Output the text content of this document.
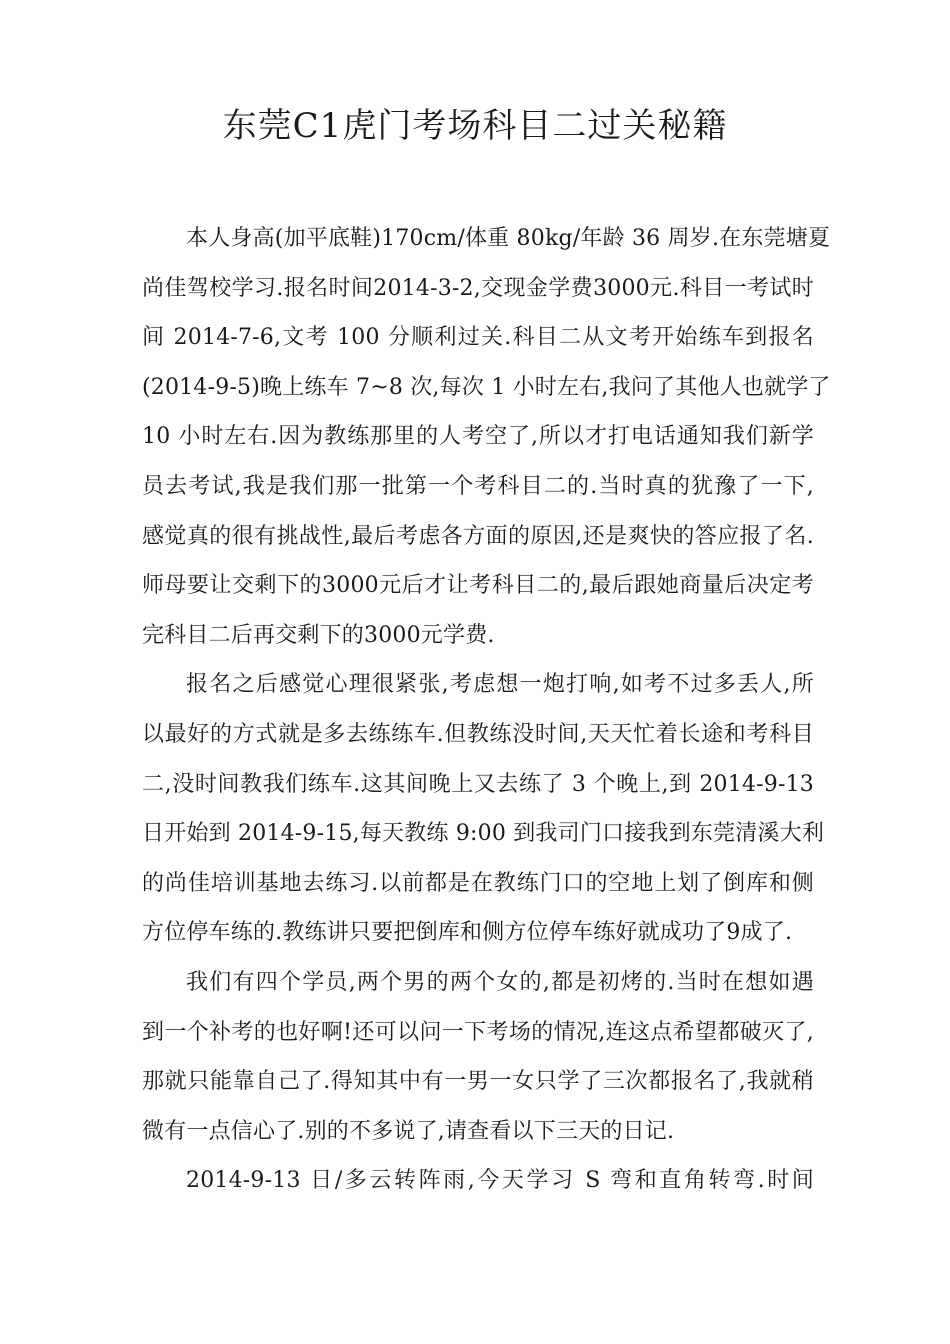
东莞C1虎门考场科目二过关秘籍
本人身高(加平底鞋)170cm/体重 80kg/年龄 36 周岁.在东莞塘夏
尚佳驾校学习.报名时间2014-3-2,交现金学费3000元.科目一考试时
间 2014-7-6,文考 100 分顺利过关.科目二从文考开始练车到报名
(2014-9-5)晚上练车 7~8 次,每次 1 小时左右,我问了其他人也就学了
10 小时左右.因为教练那里的人考空了,所以才打电话通知我们新学
员去考试,我是我们那一批第一个考科目二的.当时真的犹豫了一下,
感觉真的很有挑战性,最后考虑各方面的原因,还是爽快的答应报了名.
师母要让交剩下的3000元后才让考科目二的,最后跟她商量后决定考
完科目二后再交剩下的3000元学费.
报名之后感觉心理很紧张,考虑想一炮打响,如考不过多丢人,所
以最好的方式就是多去练练车.但教练没时间,天天忙着长途和考科目
二,没时间教我们练车.这其间晚上又去练了 3 个晚上,到 2014-9-13
日开始到 2014-9-15,每天教练 9:00 到我司门口接我到东莞清溪大利
的尚佳培训基地去练习.以前都是在教练门口的空地上划了倒库和侧
方位停车练的.教练讲只要把倒库和侧方位停车练好就成功了9成了.
我们有四个学员,两个男的两个女的,都是初烤的.当时在想如遇
到一个补考的也好啊!还可以问一下考场的情况,连这点希望都破灭了,
那就只能靠自己了.得知其中有一男一女只学了三次都报名了,我就稍
微有一点信心了.别的不多说了,请查看以下三天的日记.
2014-9-13 日/多云转阵雨,今天学习 S 弯和直角转弯.时间
